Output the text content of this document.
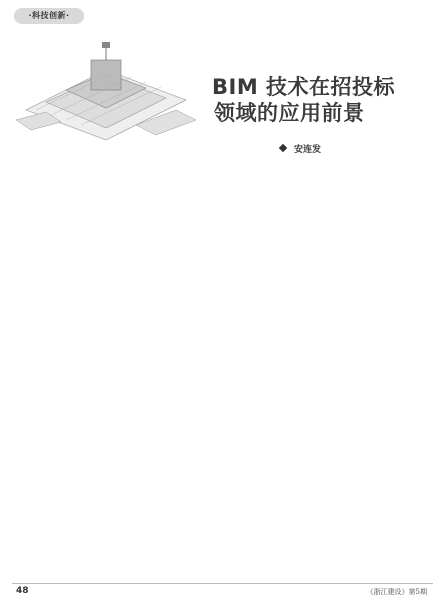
·科技创新·
BIM 技术在招投标
领域的应用前景
安连发

48	《浙江建设》第5期
